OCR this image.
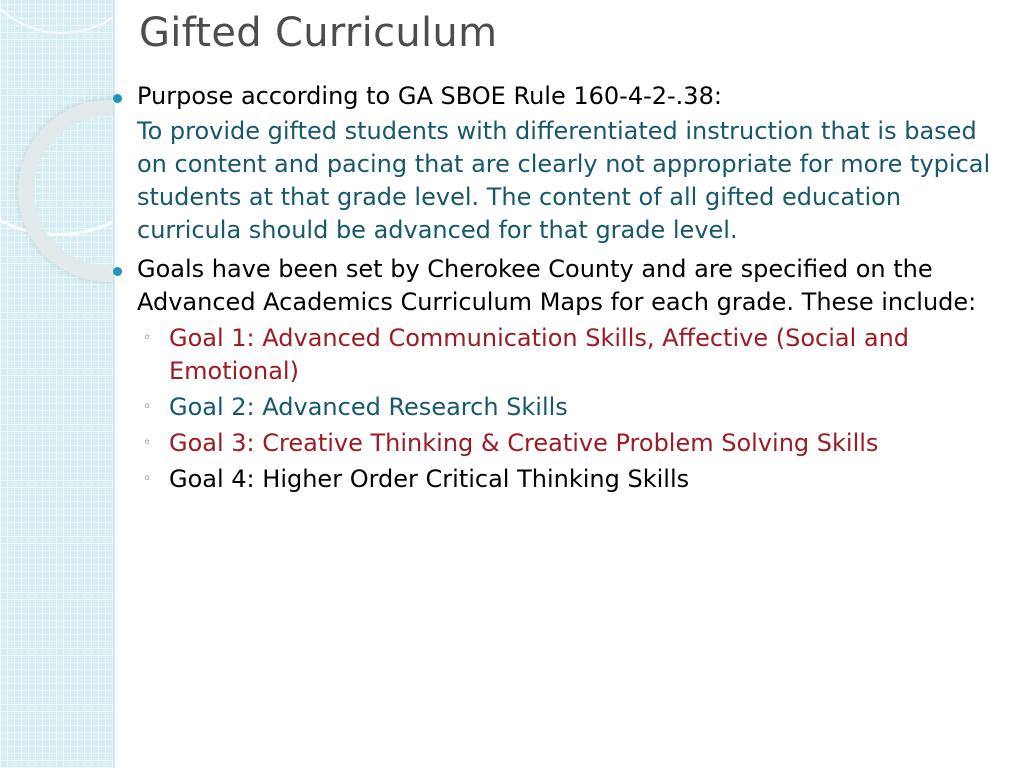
Gifted Curriculum
Purpose according to GA SBOE Rule 160-4-2-.38:
To provide gifted students with differentiated instruction that is based on content and pacing that are clearly not appropriate for more typical students at that grade level. The content of all gifted education curricula should be advanced for that grade level.
Goals have been set by Cherokee County and are specified on the Advanced Academics Curriculum Maps for each grade. These include:
◦ Goal 1: Advanced Communication Skills, Affective (Social and Emotional)
◦ Goal 2: Advanced Research Skills
◦ Goal 3: Creative Thinking & Creative Problem Solving Skills
◦ Goal 4: Higher Order Critical Thinking Skills
